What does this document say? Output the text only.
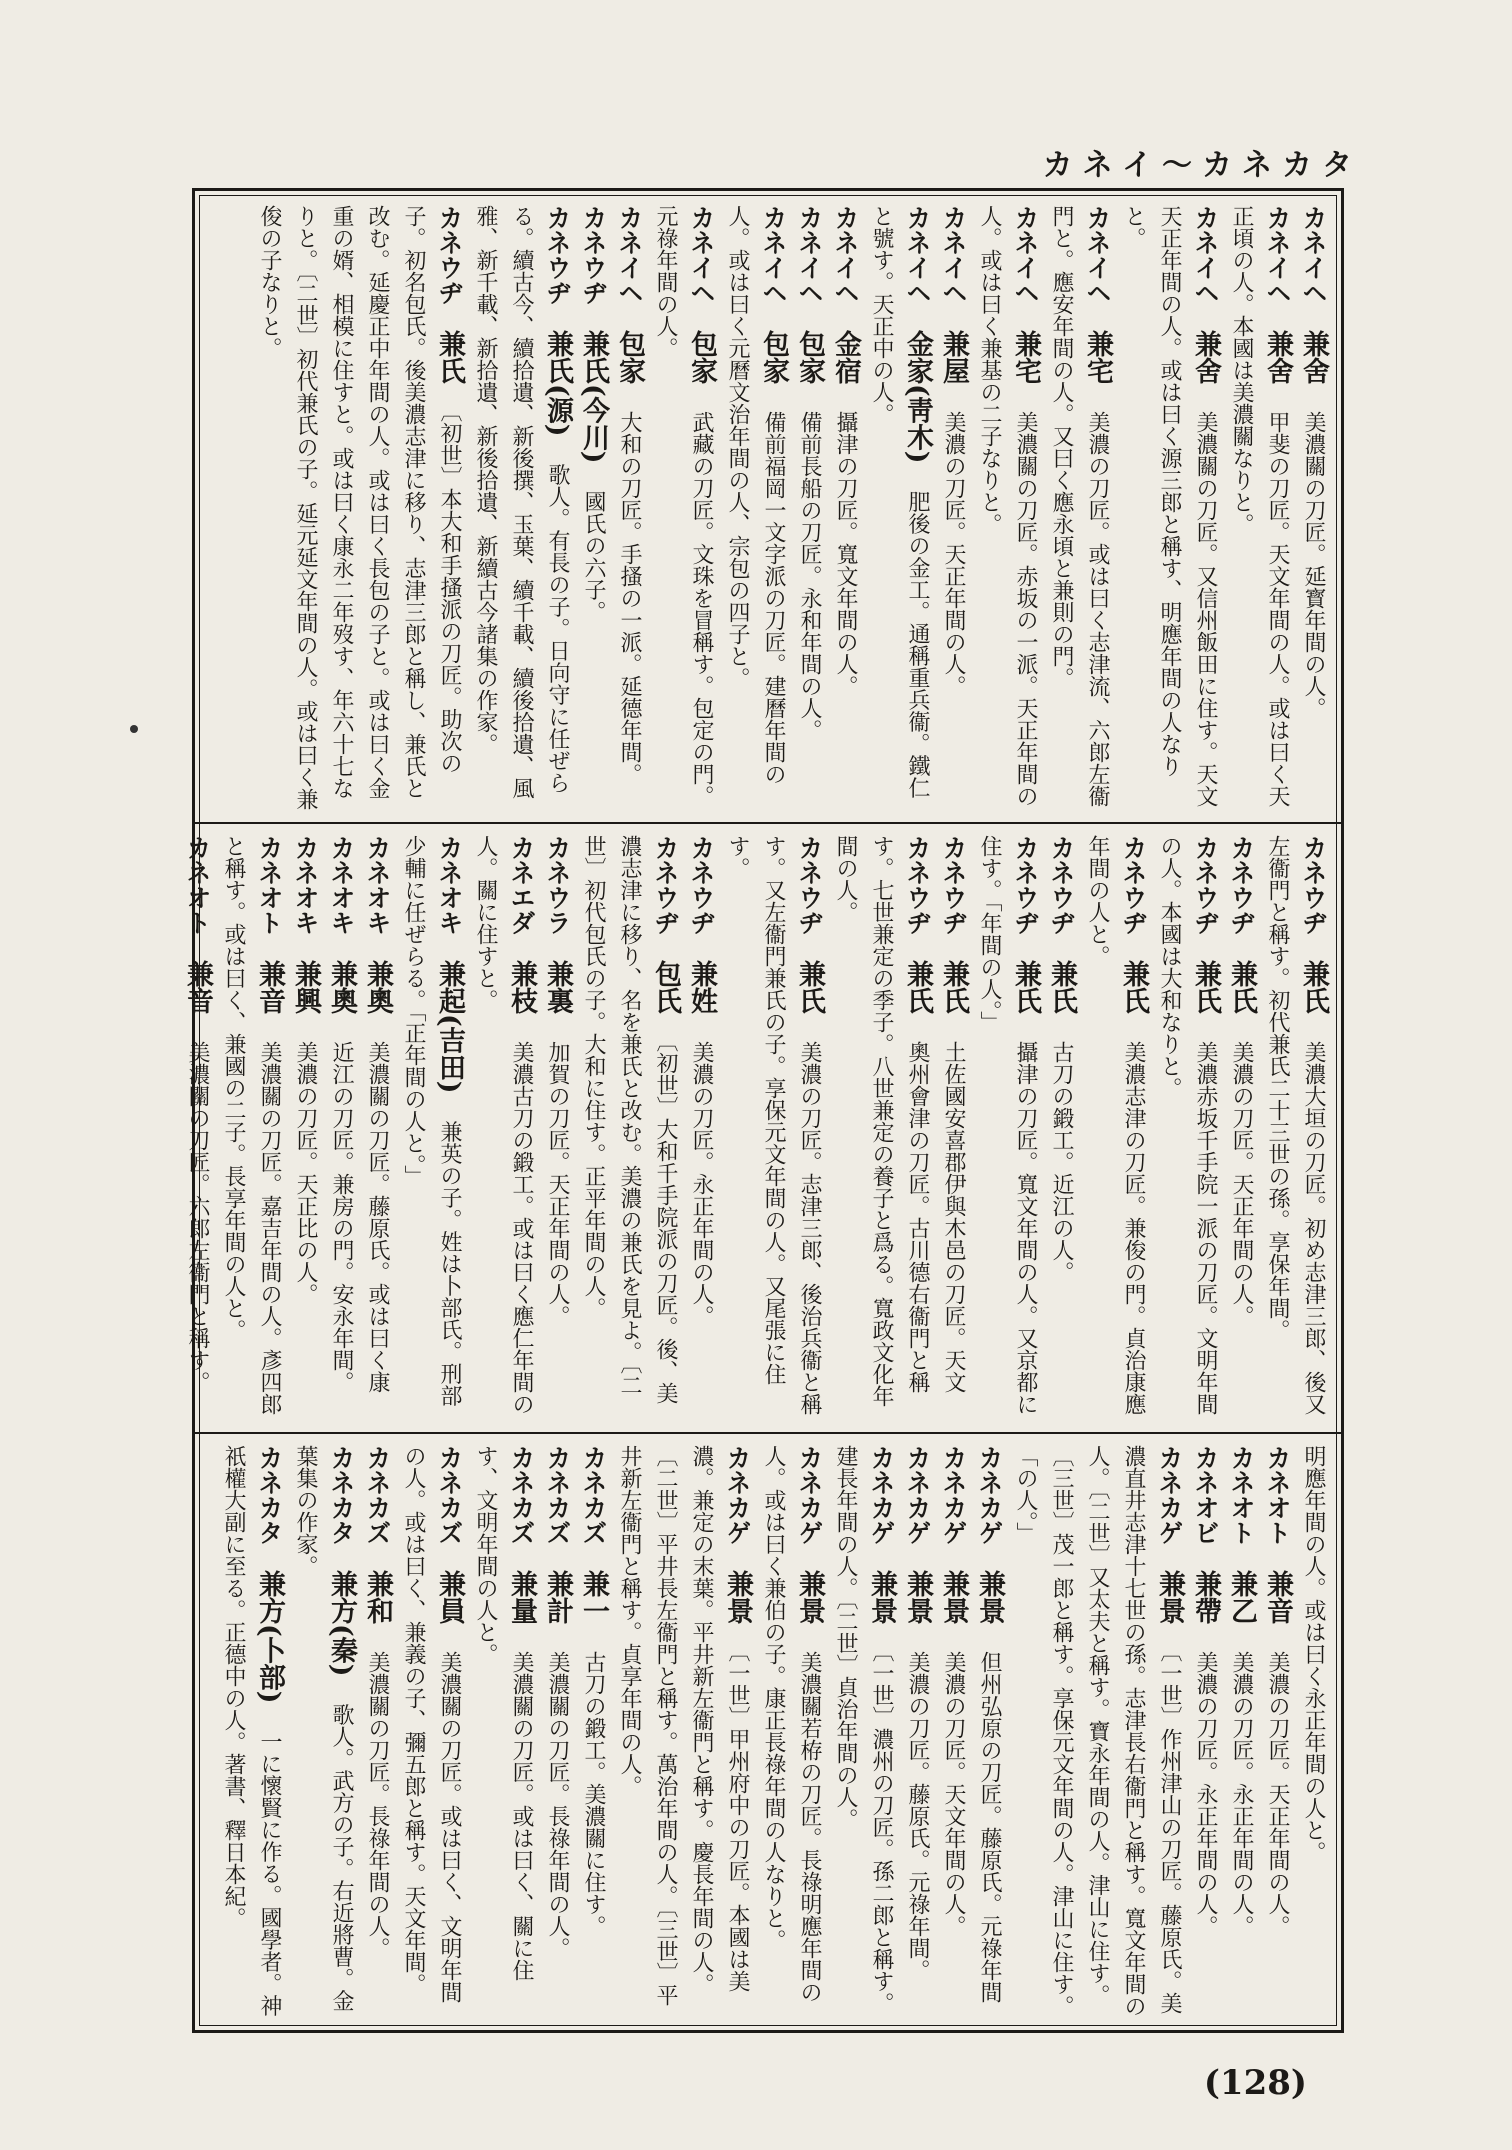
カネイ〜カネカタ
カネイヘ　兼舍　美濃關の刀匠。延寳年間の人。
カネイヘ　兼舍　甲斐の刀匠。天文年間の人。或は曰く天正頃の人。本國は美濃關なりと。
カネイヘ　兼舍　美濃關の刀匠。又信州飯田に住す。天文天正年間の人。或は曰く源三郎と稱す、明應年間の人なりと。
カネイヘ　兼宅　美濃の刀匠。或は曰く志津流、六郎左衞門と。應安年間の人。又曰く應永頃と兼則の門。
カネイヘ　兼宅　美濃關の刀匠。赤坂の一派。天正年間の人。或は曰く兼基の二子なりと。
カネイヘ　兼屋　美濃の刀匠。天正年間の人。
カネイヘ　金家(靑木)　肥後の金工。通稱重兵衞。鐵仁と號す。天正中の人。
カネイヘ　金宿　攝津の刀匠。寬文年間の人。
カネイヘ　包家　備前長船の刀匠。永和年間の人。
カネイヘ　包家　備前福岡一文字派の刀匠。建曆年間の人。或は曰く元曆文治年間の人、宗包の四子と。
カネイヘ　包家　武藏の刀匠。文珠を冒稱す。包定の門。元祿年間の人。
カネイヘ　包家　大和の刀匠。手搔の一派。延德年間。
カネウヂ　兼氏(今川)　國氏の六子。
カネウヂ　兼氏(源)　歌人。有長の子。日向守に任ぜらる。續古今、續拾遺、新後撰、玉葉、續千載、續後拾遺、風雅、新千載、新拾遺、新後拾遺、新續古今諸集の作家。
カネウヂ　兼氏　〔初世〕本大和手搔派の刀匠。助次の子。初名包氏。後美濃志津に移り、志津三郎と稱し、兼氏と改む。延慶正中年間の人。或は曰く長包の子と。或は曰く金重の婿、相模に住すと。或は曰く康永二年歿す、年六十七なりと。〔二世〕初代兼氏の子。延元延文年間の人。或は曰く兼俊の子なりと。
カネウヂ　兼氏　美濃大垣の刀匠。初め志津三郎、後又左衞門と稱す。初代兼氏二十三世の孫。享保年間。
カネウヂ　兼氏　美濃の刀匠。天正年間の人。
カネウヂ　兼氏　美濃赤坂千手院一派の刀匠。文明年間の人。本國は大和なりと。
カネウヂ　兼氏　美濃志津の刀匠。兼俊の門。貞治康應年間の人と。
カネウヂ　兼氏　古刀の鍛工。近江の人。
カネウヂ　兼氏　攝津の刀匠。寬文年間の人。又京都に住す。「年間の人。」
カネウヂ　兼氏　土佐國安喜郡伊與木邑の刀匠。天文
カネウヂ　兼氏　奧州會津の刀匠。古川德右衞門と稱す。七世兼定の季子。八世兼定の養子と爲る。寬政文化年間の人。
カネウヂ　兼氏　美濃の刀匠。志津三郎、後治兵衞と稱す。又左衞門兼氏の子。享保元文年間の人。又尾張に住す。
カネウヂ　兼姓　美濃の刀匠。永正年間の人。
カネウヂ　包氏　〔初世〕大和千手院派の刀匠。後、美濃志津に移り、名を兼氏と改む。美濃の兼氏を見よ。〔二世〕初代包氏の子。大和に住す。正平年間の人。
カネウラ　兼裏　加賀の刀匠。天正年間の人。
カネエダ　兼枝　美濃古刀の鍛工。或は曰く應仁年間の人。關に住すと。
カネオキ　兼起(吉田)　兼英の子。姓は卜部氏。刑部少輔に任ぜらる。「正年間の人と。」
カネオキ　兼奧　美濃關の刀匠。藤原氏。或は曰く康
カネオキ　兼奧　近江の刀匠。兼房の門。安永年間。
カネオキ　兼興　美濃の刀匠。天正比の人。
カネオト　兼音　美濃關の刀匠。嘉吉年間の人。彥四郎と稱す。或は曰く、兼國の二子。長享年間の人と。
カネオト　兼音　美濃關の刀匠。六郎左衞門と稱す。
明應年間の人。或は曰く永正年間の人と。
カネオト　兼音　美濃の刀匠。天正年間の人。
カネオト　兼乙　美濃の刀匠。永正年間の人。
カネオビ　兼帶　美濃の刀匠。永正年間の人。
カネカゲ　兼景　〔一世〕作州津山の刀匠。藤原氏。美濃直井志津十七世の孫。志津長右衞門と稱す。寬文年間の人。〔二世〕又太夫と稱す。寶永年間の人。津山に住す。〔三世〕茂一郎と稱す。享保元文年間の人。津山に住す。「の人。」
カネカゲ　兼景　但州弘原の刀匠。藤原氏。元祿年間
カネカゲ　兼景　美濃の刀匠。天文年間の人。
カネカゲ　兼景　美濃の刀匠。藤原氏。元祿年間。
カネカゲ　兼景　〔一世〕濃州の刀匠。孫二郎と稱す。建長年間の人。〔二世〕貞治年間の人。
カネカゲ　兼景　美濃關若栫の刀匠。長祿明應年間の人。或は曰く兼伯の子。康正長祿年間の人なりと。
カネカゲ　兼景　〔一世〕甲州府中の刀匠。本國は美濃。兼定の末葉。平井新左衞門と稱す。慶長年間の人。〔二世〕平井長左衞門と稱す。萬治年間の人。〔三世〕平井新左衞門と稱す。貞享年間の人。
カネカズ　兼一　古刀の鍛工。美濃關に住す。
カネカズ　兼計　美濃關の刀匠。長祿年間の人。
カネカズ　兼量　美濃關の刀匠。或は曰く、關に住す、文明年間の人と。
カネカズ　兼員　美濃關の刀匠。或は曰く、文明年間の人。或は曰く、兼義の子、彌五郎と稱す。天文年間。
カネカズ　兼和　美濃關の刀匠。長祿年間の人。
カネカタ　兼方(秦)　歌人。武方の子。右近將曹。金葉集の作家。
カネカタ　兼方(卜部)　一に懷賢に作る。國學者。神祇權大副に至る。正德中の人。著書、釋日本紀。
(128)
